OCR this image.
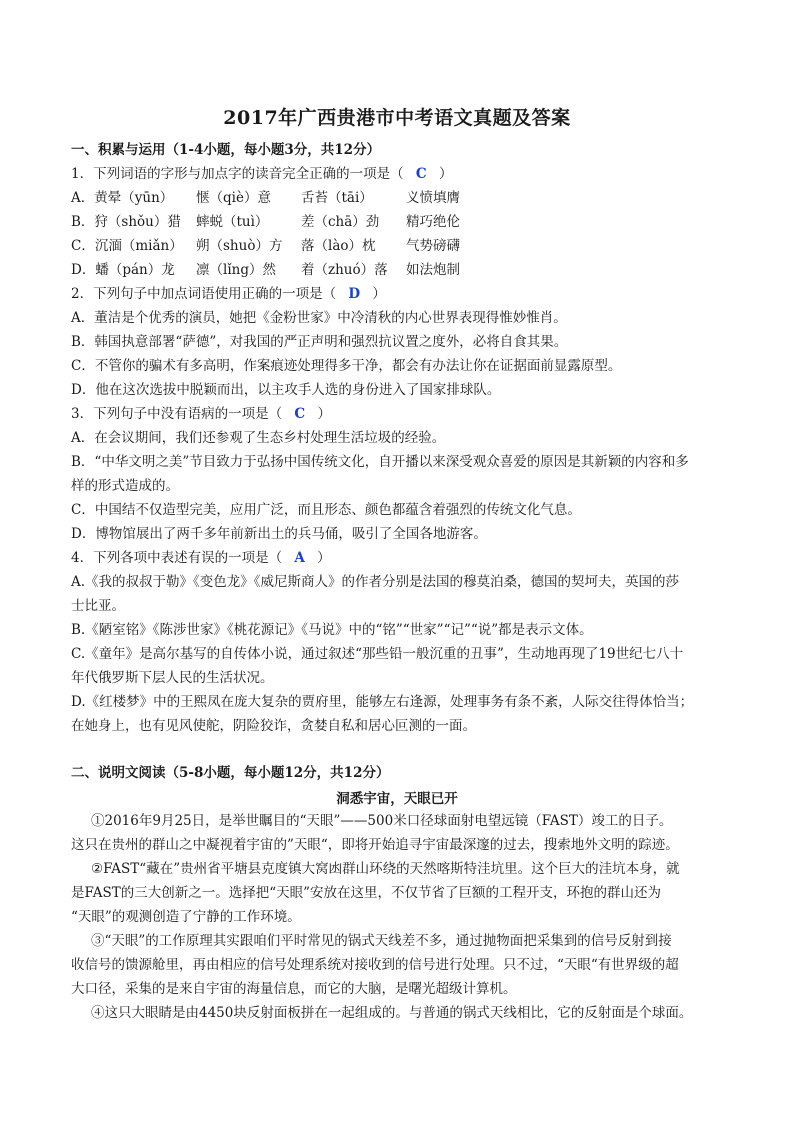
2017年广西贵港市中考语文真题及答案
一、积累与运用（1-4小题，每小题3分，共12分）
1．下列词语的字形与加点字的读音完全正确的一项是（ C ）
A．黄晕（yūn） 惬（qiè）意 舌苔（tāi） 义愤填膺
B．狩（shǒu）猎 蟀蜕（tuì） 差（chā）劲 精巧绝伦
C．沉湎（miǎn） 朔（shuò）方 落（lào）枕 气势磅礴
D．蟠（pán）龙 凛（lǐng）然 着（zhuó）落 如法炮制
2．下列句子中加点词语使用正确的一项是（ D ）
A．董洁是个优秀的演员，她把《金粉世家》中冷清秋的内心世界表现得惟妙惟肖。
B．韩国执意部署“萨德”，对我国的严正声明和强烈抗议置之度外，必将自食其果。
C．不管你的骗术有多高明，作案痕迹处理得多干净，都会有办法让你在证据面前显露原型。
D．他在这次选拔中脱颖而出，以主攻手人选的身份进入了国家排球队。
3．下列句子中没有语病的一项是（ C ）
A．在会议期间，我们还参观了生态乡村处理生活垃圾的经验。
B．“中华文明之美”节目致力于弘扬中国传统文化，自开播以来深受观众喜爱的原因是其新颖的内容和多
样的形式造成的。
C．中国结不仅造型完美，应用广泛，而且形态、颜色都蕴含着强烈的传统文化气息。
D．博物馆展出了两千多年前新出土的兵马俑，吸引了全国各地游客。
4．下列各项中表述有误的一项是（ A ）
A.《我的叔叔于勒》《变色龙》《威尼斯商人》的作者分别是法国的穆莫泊桑，德国的契坷夫，英国的莎
士比亚。
B.《陋室铭》《陈涉世家》《桃花源记》《马说》中的“铭”“世家”“记”“说”都是表示文体。
C.《童年》是高尔基写的自传体小说，通过叙述“那些铅一般沉重的丑事”，生动地再现了19世纪七八十
年代俄罗斯下层人民的生活状况。
D.《红楼梦》中的王熙凤在庞大复杂的贾府里，能够左右逢源，处理事务有条不紊，人际交往得体恰当；
在她身上，也有见风使舵，阴险狡诈，贪婪自私和居心叵测的一面。
二、说明文阅读（5-8小题，每小题12分，共12分）
洞悉宇宙，天眼已开
①2016年9月25日，是举世瞩目的“天眼”——500米口径球面射电望远镜（FAST）竣工的日子。
这只在贵州的群山之中凝视着宇宙的”天眼“，即将开始追寻宇宙最深邃的过去，搜索地外文明的踪迹。
②FAST“藏在”贵州省平塘县克度镇大窝凼群山环绕的天然喀斯特洼坑里。这个巨大的洼坑本身，就
是FAST的三大创新之一。选择把“天眼”安放在这里，不仅节省了巨额的工程开支，环抱的群山还为
“天眼”的观测创造了宁静的工作环境。
③“天眼”的工作原理其实跟咱们平时常见的锅式天线差不多，通过抛物面把采集到的信号反射到接
收信号的馈源舱里，再由相应的信号处理系统对接收到的信号进行处理。只不过，“天眼“有世界级的超
大口径，采集的是来自宇宙的海量信息，而它的大脑，是曙光超级计算机。
④这只大眼睛是由4450块反射面板拼在一起组成的。与普通的锅式天线相比，它的反射面是个球面。
